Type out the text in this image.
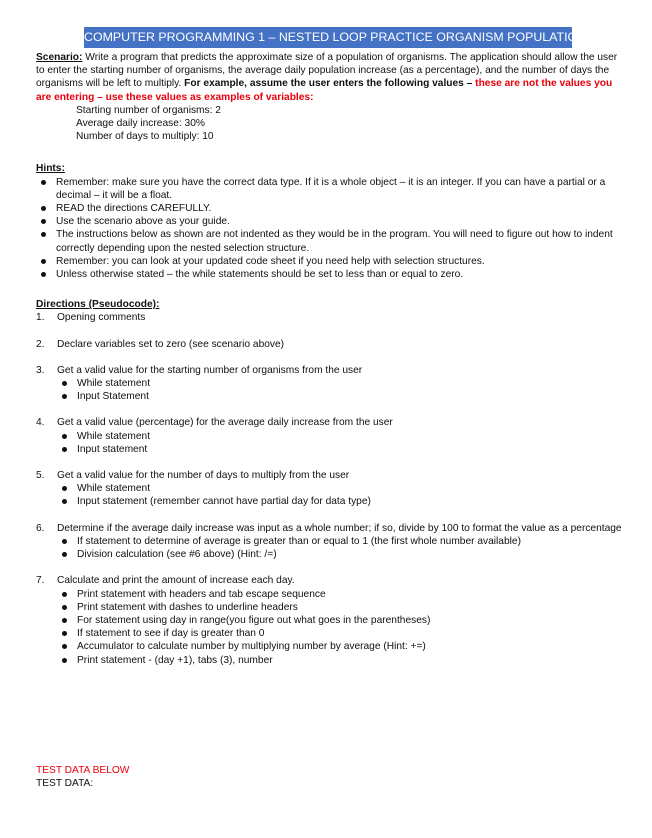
COMPUTER PROGRAMMING 1 – NESTED LOOP PRACTICE ORGANISM POPULATION

Scenario: Write a program that predicts the approximate size of a population of organisms. The application should allow the user to enter the starting number of organisms, the average daily population increase (as a percentage), and the number of days the organisms will be left to multiply. For example, assume the user enters the following values – these are not the values you are entering – use these values as examples of variables:

Starting number of organisms: 2

Average daily increase: 30%

Number of days to multiply: 10

Hints:

Remember: make sure you have the correct data type. If it is a whole object – it is an integer. If you can have a partial or a decimal – it will be a float.
READ the directions CAREFULLY.
Use the scenario above as your guide.
The instructions below as shown are not indented as they would be in the program. You will need to figure out how to indent correctly depending upon the nested selection structure.
Remember: you can look at your updated code sheet if you need help with selection structures.
Unless otherwise stated – the while statements should be set to less than or equal to zero.

Directions (Pseudocode):

1. Opening comments
2. Declare variables set to zero (see scenario above)
3. Get a valid value for the starting number of organisms from the user
While statement
Input Statement
4. Get a valid value (percentage) for the average daily increase from the user
While statement
Input statement
5. Get a valid value for the number of days to multiply from the user
While statement
Input statement (remember cannot have partial day for data type)
6. Determine if the average daily increase was input as a whole number; if so, divide by 100 to format the value as a percentage
If statement to determine of average is greater than or equal to 1 (the first whole number available)
Division calculation (see #6 above) (Hint: /=)
7. Calculate and print the amount of increase each day.
Print statement with headers and tab escape sequence
Print statement with dashes to underline headers
For statement using day in range(you figure out what goes in the parentheses)
If statement to see if day is greater than 0
Accumulator to calculate number by multiplying number by average (Hint: +=)
Print statement - (day +1), tabs (3), number

TEST DATA BELOW

TEST DATA:
